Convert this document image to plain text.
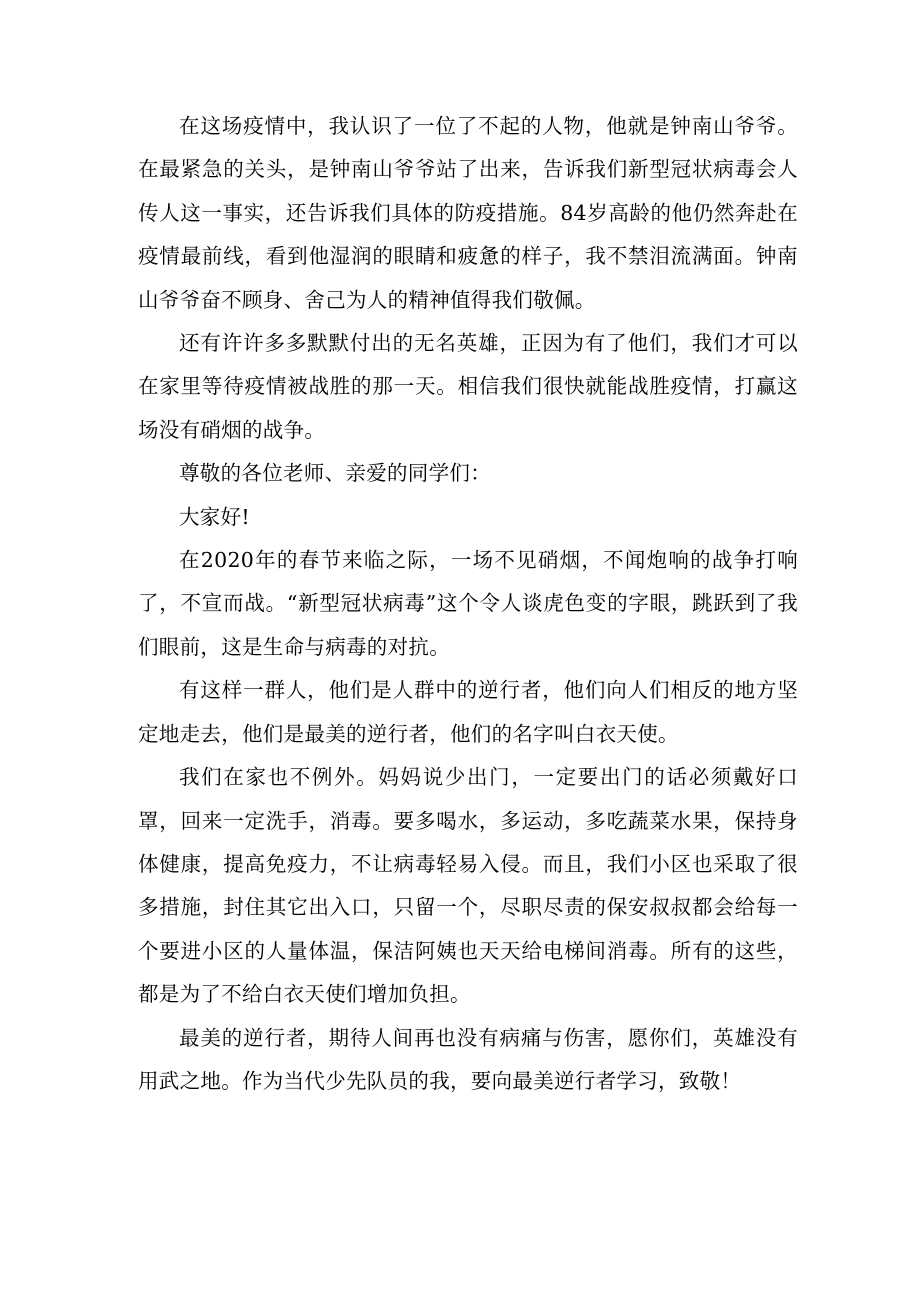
在这场疫情中，我认识了一位了不起的人物，他就是钟南山爷爷。在最紧急的关头，是钟南山爷爷站了出来，告诉我们新型冠状病毒会人传人这一事实，还告诉我们具体的防疫措施。84岁高龄的他仍然奔赴在疫情最前线，看到他湿润的眼睛和疲惫的样子，我不禁泪流满面。钟南山爷爷奋不顾身、舍己为人的精神值得我们敬佩。

还有许许多多默默付出的无名英雄，正因为有了他们，我们才可以在家里等待疫情被战胜的那一天。相信我们很快就能战胜疫情，打赢这场没有硝烟的战争。

尊敬的各位老师、亲爱的同学们：

大家好!

在2020年的春节来临之际，一场不见硝烟，不闻炮响的战争打响了，不宣而战。“新型冠状病毒”这个令人谈虎色变的字眼，跳跃到了我们眼前，这是生命与病毒的对抗。

有这样一群人，他们是人群中的逆行者，他们向人们相反的地方坚定地走去，他们是最美的逆行者，他们的名字叫白衣天使。

我们在家也不例外。妈妈说少出门，一定要出门的话必须戴好口罩，回来一定洗手，消毒。要多喝水，多运动，多吃蔬菜水果，保持身体健康，提高免疫力，不让病毒轻易入侵。而且，我们小区也采取了很多措施，封住其它出入口，只留一个，尽职尽责的保安叔叔都会给每一个要进小区的人量体温，保洁阿姨也天天给电梯间消毒。所有的这些，都是为了不给白衣天使们增加负担。

最美的逆行者，期待人间再也没有病痛与伤害，愿你们，英雄没有用武之地。作为当代少先队员的我，要向最美逆行者学习，致敬！
